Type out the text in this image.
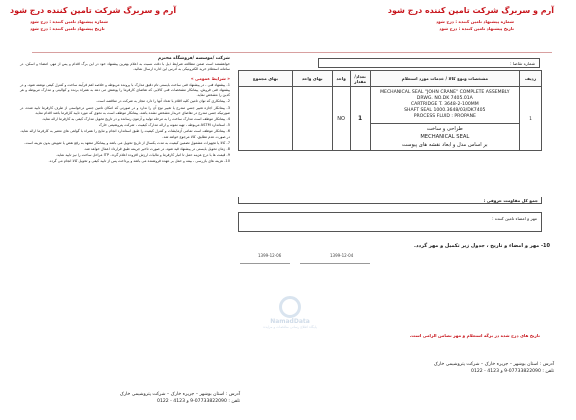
آرم و سربرگ شرکت تامین کننده درج شود
آرم و سربرگ شرکت تامین کننده درج شود
شماره پیشنهاد تامین کننده : درج شود
تاریخ پیشنهاد تامین کننده : درج شود
شماره پیشنهاد تامین کننده : درج شود
تاریخ پیشنهاد تامین کننده : درج شود
شرکت /موسسه /فروشگاه محترم
خواهشمند است ضمن مطالعه شرایط ذیل با دقت نسبت به اعلام بهترین پیشنهاد خود در این برگ اقدام و پس از مهر، امضاء و اسکن، در سامانه استعلام خرید الکترونیکی به آدرس این اداره ارسال نمائید.
« شرایط عمومی »

1- پیشنهاد فنی ، در پیشنهاد فنی ساخت بایستی تام دقیق مدارک با پرونده مربوطه و خلاصه اهم فرآیند ساخت و کنترل کیفی نوشته شود، و در پیشنهاد فنی فروش، پیمانکار مشخصات فنی کالایی که تقاضای کارفرما را پوشش می دهد به همراه برنده و کوالیتی و مدارک مربوطه و هر کدین را مشخص نماید.

2- پیمانکاری که توان تامین کلیه اقلام با تعداد آنها را دارد مجاز به شرکت در مناقصه است.

3- پیمانکار اجازه تغییر جنس مندرج یا تغییر نوع آن را ندارد و در صورتی که امکان تامین جنس درخواستی از طرف کارفرما تایید شده، در صورتیکه جنس مندرج در تقاضای خریدار مشخص نشده باشد، پیمانکار موظف است به نحوی که مورد تایید کارفرما باشد اقدام نماید.

4- پیمانکار موظف است مدارک ساخت را به مرحله تولید و آزمون رسانده و در تاریخ تحویل مدارک کیفی به کارفرما ارائه نماید.

5- استاندارد ASTM مربوطه ، تهیه نمونه و ارائه مدارک کیفیت ، شرکت پتروشیمی خارک

6- پیمانکار موظف است تمامی آزمایشات و کنترل کیفیت را طبق استاندارد انجام و نتایج را همراه با گواهی های معتبر به کارفرما ارائه نماید. در صورت عدم تطابق، کالا مرجوع خواهد شد.

7- کالا یا تجهیزات مشمول تضمین کیفیت به مدت یکسال از تاریخ تحویل می باشد و پیمانکار متعهد به رفع نقص یا تعویض بدون هزینه است.

8- زمان تحویل بایستی در پیشنهاد قید شود، در صورت تاخیر جریمه طبق قرارداد اعمال خواهد شد.

9- قیمت ها با درج هزینه حمل تا انبار کارفرما و مالیات ارزش افزوده اعلام گردد. ITP مراحل ساخت را نیز تایید نماید.

10- هزینه های بازرسی ، بیمه و حمل بر عهده فروشنده می باشد و پرداخت پس از تایید کیفی و تحویل کالا انجام می گردد.

شماره تقاضا :
ردیف	مشخصات ونوع کالا / خدمات مورد استعلام	تعداد/مقدار	واحد	بهای واحد	بهای مجموع
1	MECHANICAL SEAL "JOHN CRANE" COMPLETE ASSEMBLY
DRWG. NO.DK 7405.01A
CARTRIDGE T. 3648-2-100MM
SHAFT SEAL 1000.3648/03/DK7405
PROCESS FLUID : PROPANE	1	NO		

	طراحی و ساخت
MECHANICAL SEAL
بر اساس مدل و ابعاد نقشه های پیوست				
جمع کل مقاومت حروفی :
مهر و امضاء تامین کننده :
10- مهر و امضاء و تاریخ ، جدول زیر تکمیل و مهر گردد.
1399-12-04
1399-12-06
NamadData
پایگاه اطلاع رسانی مناقصات و مزایده
تاریخ های درج شده در برگه استعلام و مهر تضامن الزامی است.
آدرس : استان بوشهر – جزیره خارک – شرکت پتروشیمی خارک
تلفن : 07733822090-9 و 4123 - 0122
آدرس : استان بوشهر – جزیره خارک – شرکت پتروشیمی خارک
تلفن : 07733822090-9 و 4123 - 0122
